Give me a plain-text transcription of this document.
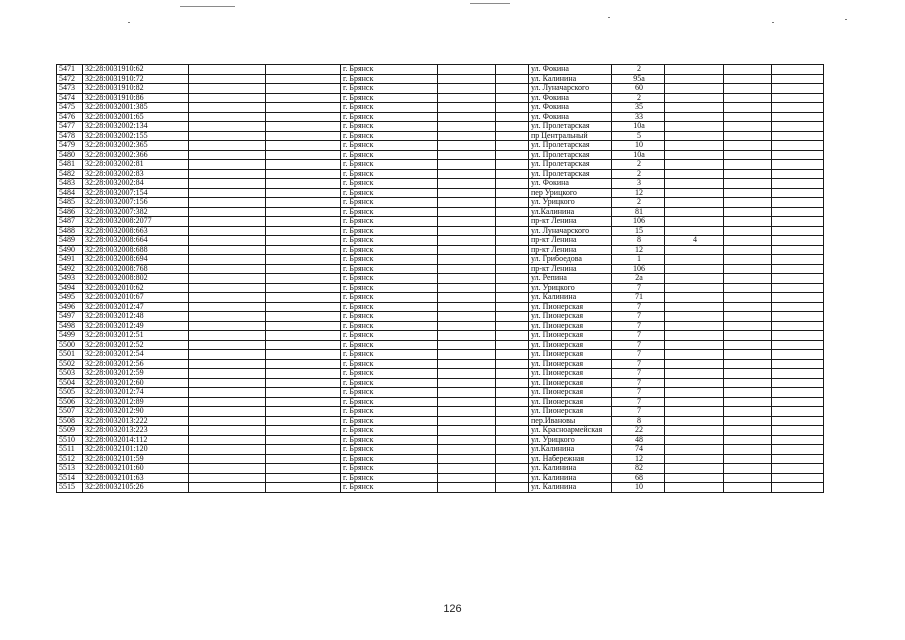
5471	32:28:0031910:62			г. Брянск			ул. Фокина	2			
5472	32:28:0031910:72			г. Брянск			ул. Калинина	95а			
5473	32:28:0031910:82			г. Брянск			ул. Луначарского	60			
5474	32:28:0031910:86			г. Брянск			ул. Фокина	2			
5475	32:28:0032001:385			г. Брянск			ул. Фокина	35			
5476	32:28:0032001:65			г. Брянск			ул. Фокина	33			
5477	32:28:0032002:134			г. Брянск			ул. Пролетарская	10а			
5478	32:28:0032002:155			г. Брянск			пр Центральный	5			
5479	32:28:0032002:365			г. Брянск			ул. Пролетарская	10			
5480	32:28:0032002:366			г. Брянск			ул. Пролетарская	10а			
5481	32:28:0032002:81			г. Брянск			ул. Пролетарская	2			
5482	32:28:0032002:83			г. Брянск			ул. Пролетарская	2			
5483	32:28:0032002:84			г. Брянск			ул. Фокина	3			
5484	32:28:0032007:154			г. Брянск			пер Урицкого	12			
5485	32:28:0032007:156			г. Брянск			ул. Урицкого	2			
5486	32:28:0032007:382			г. Брянск			ул.Калинина	81			
5487	32:28:0032008:2077			г. Брянск			пр-кт Ленина	106			
5488	32:28:0032008:663			г. Брянск			ул. Луначарского	15			
5489	32:28:0032008:664			г. Брянск			пр-кт Ленина	8	4		
5490	32:28:0032008:688			г. Брянск			пр-кт Ленина	12			
5491	32:28:0032008:694			г. Брянск			ул. Грибоедова	1			
5492	32:28:0032008:768			г. Брянск			пр-кт Ленина	106			
5493	32:28:0032008:802			г. Брянск			ул. Репина	2а			
5494	32:28:0032010:62			г. Брянск			ул. Урицкого	7			
5495	32:28:0032010:67			г. Брянск			ул. Калинина	71			
5496	32:28:0032012:47			г. Брянск			ул. Пионерская	7			
5497	32:28:0032012:48			г. Брянск			ул. Пионерская	7			
5498	32:28:0032012:49			г. Брянск			ул. Пионерская	7			
5499	32:28:0032012:51			г. Брянск			ул. Пионерская	7			
5500	32:28:0032012:52			г. Брянск			ул. Пионерская	7			
5501	32:28:0032012:54			г. Брянск			ул. Пионерская	7			
5502	32:28:0032012:56			г. Брянск			ул. Пионерская	7			
5503	32:28:0032012:59			г. Брянск			ул. Пионерская	7			
5504	32:28:0032012:60			г. Брянск			ул. Пионерская	7			
5505	32:28:0032012:74			г. Брянск			ул. Пионерская	7			
5506	32:28:0032012:89			г. Брянск			ул. Пионерская	7			
5507	32:28:0032012:90			г. Брянск			ул. Пионерская	7			
5508	32:28:0032013:222			г. Брянск			пер.Ивановы	8			
5509	32:28:0032013:223			г. Брянск			ул. Красноармейская	22			
5510	32:28:0032014:112			г. Брянск			ул. Урицкого	48			
5511	32:28:0032101:120			г. Брянск			ул.Калинина	74			
5512	32:28:0032101:59			г. Брянск			ул. Набережная	12			
5513	32:28:0032101:60			г. Брянск			ул. Калинина	82			
5514	32:28:0032101:63			г. Брянск			ул. Калинина	68			
5515	32:28:0032105:26			г. Брянск			ул. Калинина	10			
126
